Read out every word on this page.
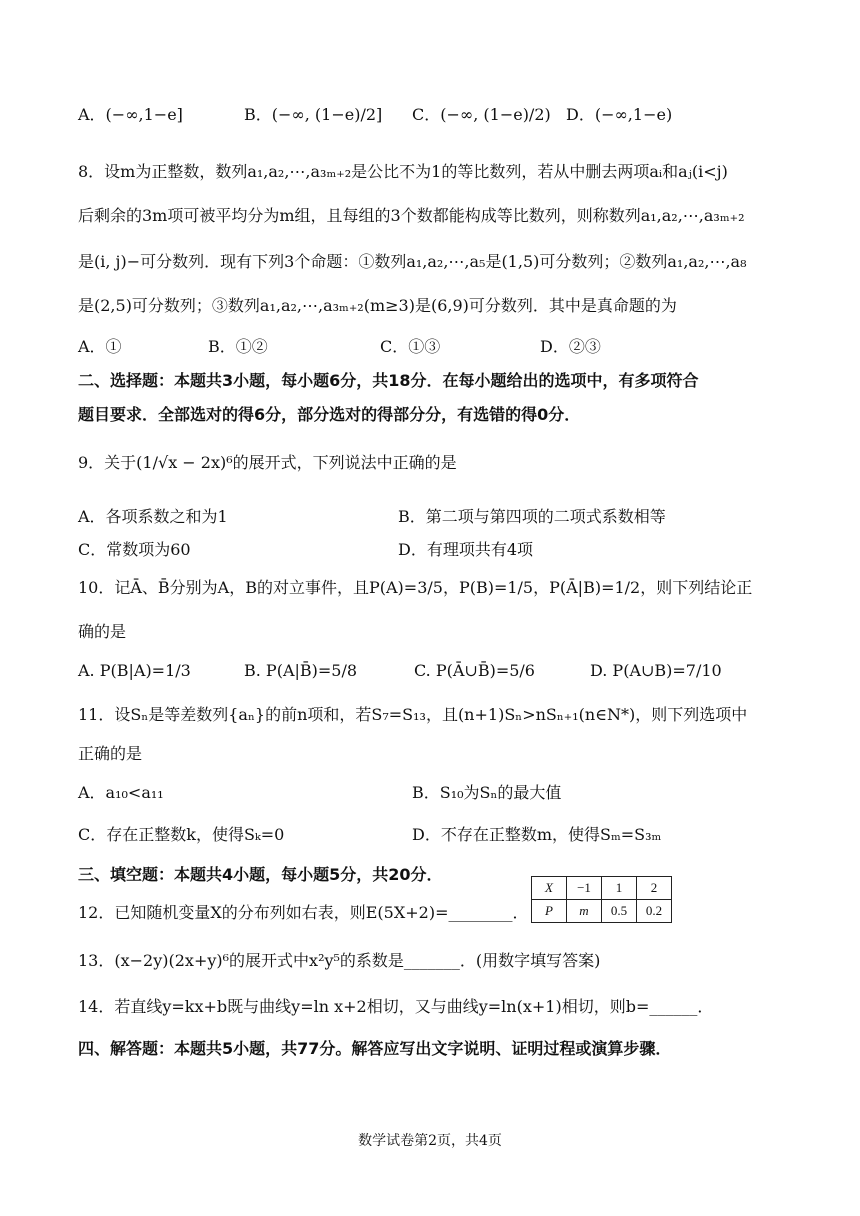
A．(−∞,1−e]	B．(−∞, (1−e)/2] C．(−∞, (1−e)/2) D．(−∞,1−e)
8．设m为正整数，数列a₁,a₂,⋯,a₃ₘ₊₂是公比不为1的等比数列，若从中删去两项aᵢ和aⱼ(i<j)
后剩余的3m项可被平均分为m组，且每组的3个数都能构成等比数列，则称数列a₁,a₂,⋯,a₃ₘ₊₂
是(i, j)−可分数列．现有下列3个命题：①数列a₁,a₂,⋯,a₅是(1,5)可分数列；②数列a₁,a₂,⋯,a₈
是(2,5)可分数列；③数列a₁,a₂,⋯,a₃ₘ₊₂(m≥3)是(6,9)可分数列．其中是真命题的为
A．①	B．①②	C．①③	D．②③
二、选择题：本题共3小题，每小题6分，共18分．在每小题给出的选项中，有多项符合
题目要求．全部选对的得6分，部分选对的得部分分，有选错的得0分．
9．关于(1/√x − 2x)⁶的展开式，下列说法中正确的是
A．各项系数之和为1	B．第二项与第四项的二项式系数相等
C．常数项为60	D．有理项共有4项
10．记Ā、B̄分别为A，B的对立事件，且P(A)=3/5，P(B)=1/5，P(Ā|B)=1/2，则下列结论正
确的是
A. P(B|A)=1/3	B. P(A|B̄)=5/8	C. P(Ā∪B̄)=5/6	D. P(A∪B)=7/10
11．设Sₙ是等差数列{aₙ}的前n项和，若S₇=S₁₃，且(n+1)Sₙ>nSₙ₊₁(n∈N*)，则下列选项中
正确的是
A．a₁₀<a₁₁	B．S₁₀为Sₙ的最大值
C．存在正整数k，使得Sₖ=0	D．不存在正整数m，使得Sₘ=S₃ₘ
三、填空题：本题共4小题，每小题5分，共20分．
12．已知随机变量X的分布列如右表，则E(5X+2)=________．
X	−1	1	2
P	m	0.5	0.2
13．(x−2y)(2x+y)⁶的展开式中x²y⁵的系数是_______．(用数字填写答案)
14．若直线y=kx+b既与曲线y=ln x+2相切，又与曲线y=ln(x+1)相切，则b=______．
四、解答题：本题共5小题，共77分。解答应写出文字说明、证明过程或演算步骤．
数学试卷第2页，共4页
